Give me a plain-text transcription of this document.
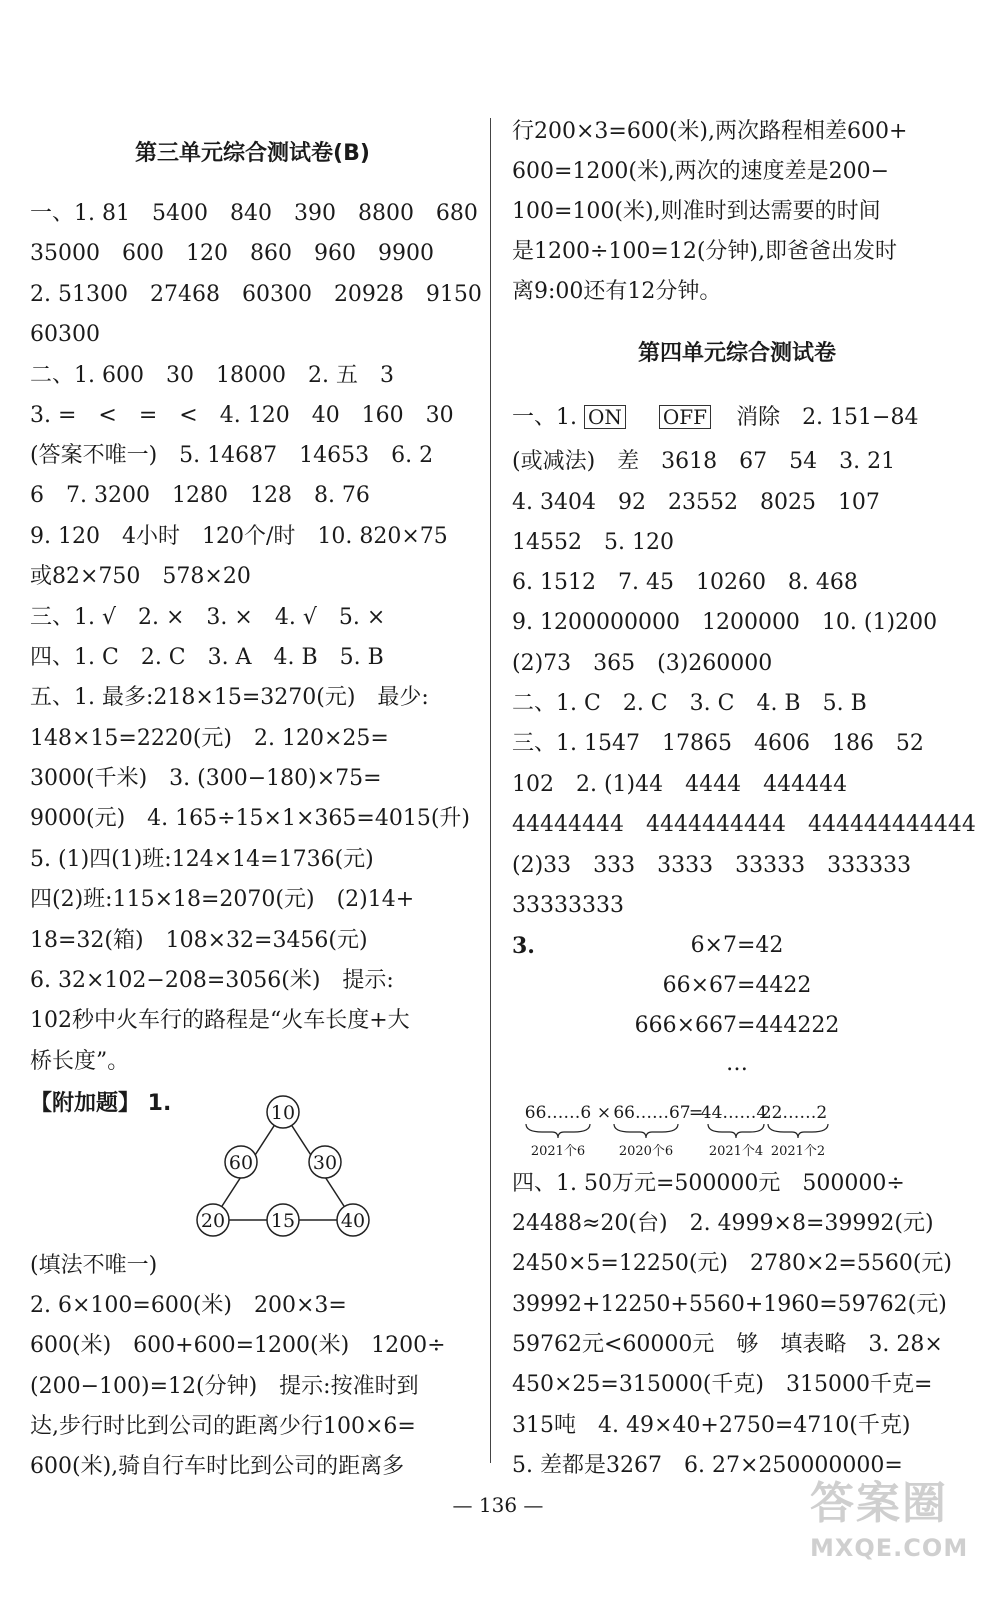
第三单元综合测试卷(B)
一、1. 81　5400　840　390　8800　680
35000　600　120　860　960　9900
2. 51300　27468　60300　20928　9150
60300
二、1. 600　30　18000　2. 五　3
3. =　<　=　<　4. 120　40　160　30
(答案不唯一)　5. 14687　14653　6. 2
6　7. 3200　1280　128　8. 76
9. 120　4小时　120个/时　10. 820×75
或82×750　578×20
三、1. √　2. ×　3. ×　4. √　5. ×
四、1. C　2. C　3. A　4. B　5. B
五、1. 最多:218×15=3270(元)　最少:
148×15=2220(元)　2. 120×25=
3000(千米)　3. (300−180)×75=
9000(元)　4. 165÷15×1×365=4015(升)
5. (1)四(1)班:124×14=1736(元)
四(2)班:115×18=2070(元)　(2)14+
18=32(箱)　108×32=3456(元)
6. 32×102−208=3056(米)　提示:
102秒中火车行的路程是“火车长度+大
桥长度”。
【附加题】 1.	10
60	30
20 15 40
(填法不唯一)
2. 6×100=600(米)　200×3=
600(米)　600+600=1200(米)　1200÷
(200−100)=12(分钟)　提示:按准时到
达,步行时比到公司的距离少行100×6=
600(米),骑自行车时比到公司的距离多
行200×3=600(米),两次路程相差600+
600=1200(米),两次的速度差是200−
100=100(米),则准时到达需要的时间
是1200÷100=12(分钟),即爸爸出发时
离9:00还有12分钟。
第四单元综合测试卷
一、1. ON OFF 消除　2. 151−84
(或减法)　差　3618　67　54　3. 21
4. 3404　92　23552　8025　107
14552　5. 120
6. 1512　7. 45　10260　8. 468
9. 1200000000　1200000　10. (1)200
(2)73　365　(3)260000
二、1. C　2. C　3. C　4. B　5. B
三、1. 1547　17865　4606　186　52
102　2. (1)44　4444　444444
44444444　4444444444　444444444444
(2)33　333　3333　33333　333333
33333333
3.	6×7=42
66×67=4422
666×667=444222
…
66……6 × 66……67
=
44……4
22……2
2021个6	2020个6	2021个4 2021个2
四、1. 50万元=500000元　500000÷
24488≈20(台)　2. 4999×8=39992(元)
2450×5=12250(元)　2780×2=5560(元)
39992+12250+5560+1960=59762(元)
59762元<60000元　够　填表略　3. 28×
450×25=315000(千克)　315000千克=
315吨　4. 49×40+2750=4710(千克)
5. 差都是3267　6. 27×250000000=
— 136 —	答案圈
MXQE.COM
